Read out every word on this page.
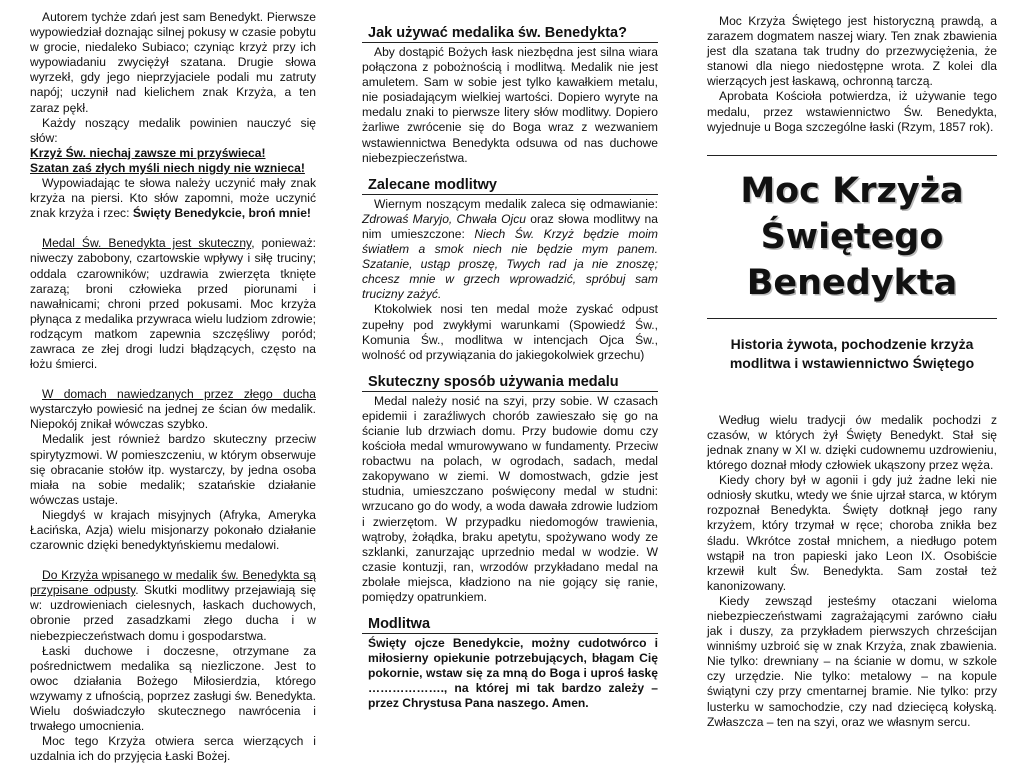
Autorem tychże zdań jest sam Benedykt. Pierwsze wypowiedział doznając silnej pokusy w czasie pobytu w grocie, niedaleko Subiaco; czyniąc krzyż przy ich wypowiadaniu zwyciężył szatana. Drugie słowa wyrzekł, gdy jego nieprzyjaciele podali mu zatruty napój; uczynił nad kielichem znak Krzyża, a ten zaraz pękł.

Każdy noszący medalik powinien nauczyć się słów:

Krzyż Św. niechaj zawsze mi przyświeca!

Szatan zaś złych myśli niech nigdy nie wznieca!

Wypowiadając te słowa należy uczynić mały znak krzyża na piersi. Kto słów zapomni, może uczynić znak krzyża i rzec: Święty Benedykcie, broń mnie!

Medal Św. Benedykta jest skuteczny, ponieważ: niweczy zabobony, czartowskie wpływy i siłę truciny; oddala czarowników; uzdrawia zwierzęta tknięte zarazą; broni człowieka przed piorunami i nawałnicami; chroni przed pokusami. Moc krzyża płynąca z medalika przywraca wielu ludziom zdrowie; rodzącym matkom zapewnia szczęśliwy poród; zawraca ze złej drogi ludzi błądzących, często na łożu śmierci.

W domach nawiedzanych przez złego ducha wystarczyło powiesić na jednej ze ścian ów medalik. Niepokój znikał wówczas szybko.

Medalik jest również bardzo skuteczny przeciw spirytyzmowi. W pomieszczeniu, w którym obserwuje się obracanie stołów itp. wystarczy, by jedna osoba miała na sobie medalik; szatańskie działanie wówczas ustaje.

Niegdyś w krajach misyjnych (Afryka, Ameryka Łacińska, Azja) wielu misjonarzy pokonało działanie czarownic dzięki benedyktyńskiemu medalowi.

Do Krzyża wpisanego w medalik św. Benedykta są przypisane odpusty. Skutki modlitwy przejawiają się w: uzdrowieniach cielesnych, łaskach duchowych, obronie przed zasadzkami złego ducha i w niebezpieczeństwach domu i gospodarstwa.

Łaski duchowe i doczesne, otrzymane za pośrednictwem medalika są niezliczone. Jest to owoc działania Bożego Miłosierdzia, którego wzywamy z ufnością, poprzez zasługi św. Benedykta. Wielu doświadczyło skutecznego nawrócenia i trwałego umocnienia.

Moc tego Krzyża otwiera serca wierzących i uzdalnia ich do przyjęcia Łaski Bożej.

Jak używać medalika św. Benedykta?

Aby dostąpić Bożych łask niezbędna jest silna wiara połączona z pobożnością i modlitwą. Medalik nie jest amuletem. Sam w sobie jest tylko kawałkiem metalu, nie posiadającym wielkiej wartości. Dopiero wyryte na medalu znaki to pierwsze litery słów modlitwy. Dopiero żarliwe zwrócenie się do Boga wraz z wezwaniem wstawiennictwa Benedykta odsuwa od nas duchowe niebezpieczeństwa.

Zalecane modlitwy

Wiernym noszącym medalik zaleca się odmawianie: Zdrowaś Maryjo, Chwała Ojcu oraz słowa modlitwy na nim umieszczone: Niech Św. Krzyż będzie moim światłem a smok niech nie będzie mym panem. Szatanie, ustąp proszę, Twych rad ja nie znoszę; chcesz mnie w grzech wprowadzić, spróbuj sam trucizny zażyć.

Ktokolwiek nosi ten medal może zyskać odpust zupełny pod zwykłymi warunkami (Spowiedź Św., Komunia Św., modlitwa w intencjach Ojca Św., wolność od przywiązania do jakiegokolwiek grzechu)

Skuteczny sposób używania medalu

Medal należy nosić na szyi, przy sobie. W czasach epidemii i zaraźliwych chorób zawieszało się go na ścianie lub drzwiach domu. Przy budowie domu czy kościoła medal wmurowywano w fundamenty. Przeciw robactwu na polach, w ogrodach, sadach, medal zakopywano w ziemi. W domostwach, gdzie jest studnia, umieszczano poświęcony medal w studni: wrzucano go do wody, a woda dawała zdrowie ludziom i zwierzętom. W przypadku niedomogów trawienia, wątroby, żołądka, braku apetytu, spożywano wody ze szklanki, zanurzając uprzednio medal w wodzie. W czasie kontuzji, ran, wrzodów przykładano medal na zbolałe miejsca, kładziono na nie gojący się ranie, pomiędzy opatrunkiem.

Modlitwa

Święty ojcze Benedykcie, możny cudotwórco i miłosierny opiekunie potrzebujących, błagam Cię pokornie, wstaw się za mną do Boga i uproś łaskę ………………., na której mi tak bardzo zależy – przez Chrystusa Pana naszego. Amen.

Moc Krzyża Świętego jest historyczną prawdą, a zarazem dogmatem naszej wiary. Ten znak zbawienia jest dla szatana tak trudny do przezwyciężenia, że stanowi dla niego niedostępne wrota. Z kolei dla wierzących jest łaskawą, ochronną tarczą.

Aprobata Kościoła potwierdza, iż używanie tego medalu, przez wstawiennictwo Św. Benedykta, wyjednuje u Boga szczególne łaski (Rzym, 1857 rok).

Moc Krzyża
Świętego
Benedykta
Historia żywota, pochodzenie krzyża
modlitwa i wstawiennictwo Świętego

Według wielu tradycji ów medalik pochodzi z czasów, w których żył Święty Benedykt. Stał się jednak znany w XI w. dzięki cudownemu uzdrowieniu, którego doznał młody człowiek ukąszony przez węża.

Kiedy chory był w agonii i gdy już żadne leki nie odniosły skutku, wtedy we śnie ujrzał starca, w którym rozpoznał Benedykta. Święty dotknął jego rany krzyżem, który trzymał w ręce; choroba znikła bez śladu. Wkrótce został mnichem, a niedługo potem wstąpił na tron papieski jako Leon IX. Osobiście krzewił kult Św. Benedykta. Sam został też kanonizowany.

Kiedy zewsząd jesteśmy otaczani wieloma niebezpieczeństwami zagrażającymi zarówno ciału jak i duszy, za przykładem pierwszych chrześcijan winniśmy uzbroić się w znak Krzyża, znak zbawienia. Nie tylko: drewniany – na ścianie w domu, w szkole czy urzędzie. Nie tylko: metalowy – na kopule świątyni czy przy cmentarnej bramie. Nie tylko: przy lusterku w samochodzie, czy nad dziecięcą kołyską. Zwłaszcza – ten na szyi, oraz we własnym sercu.
